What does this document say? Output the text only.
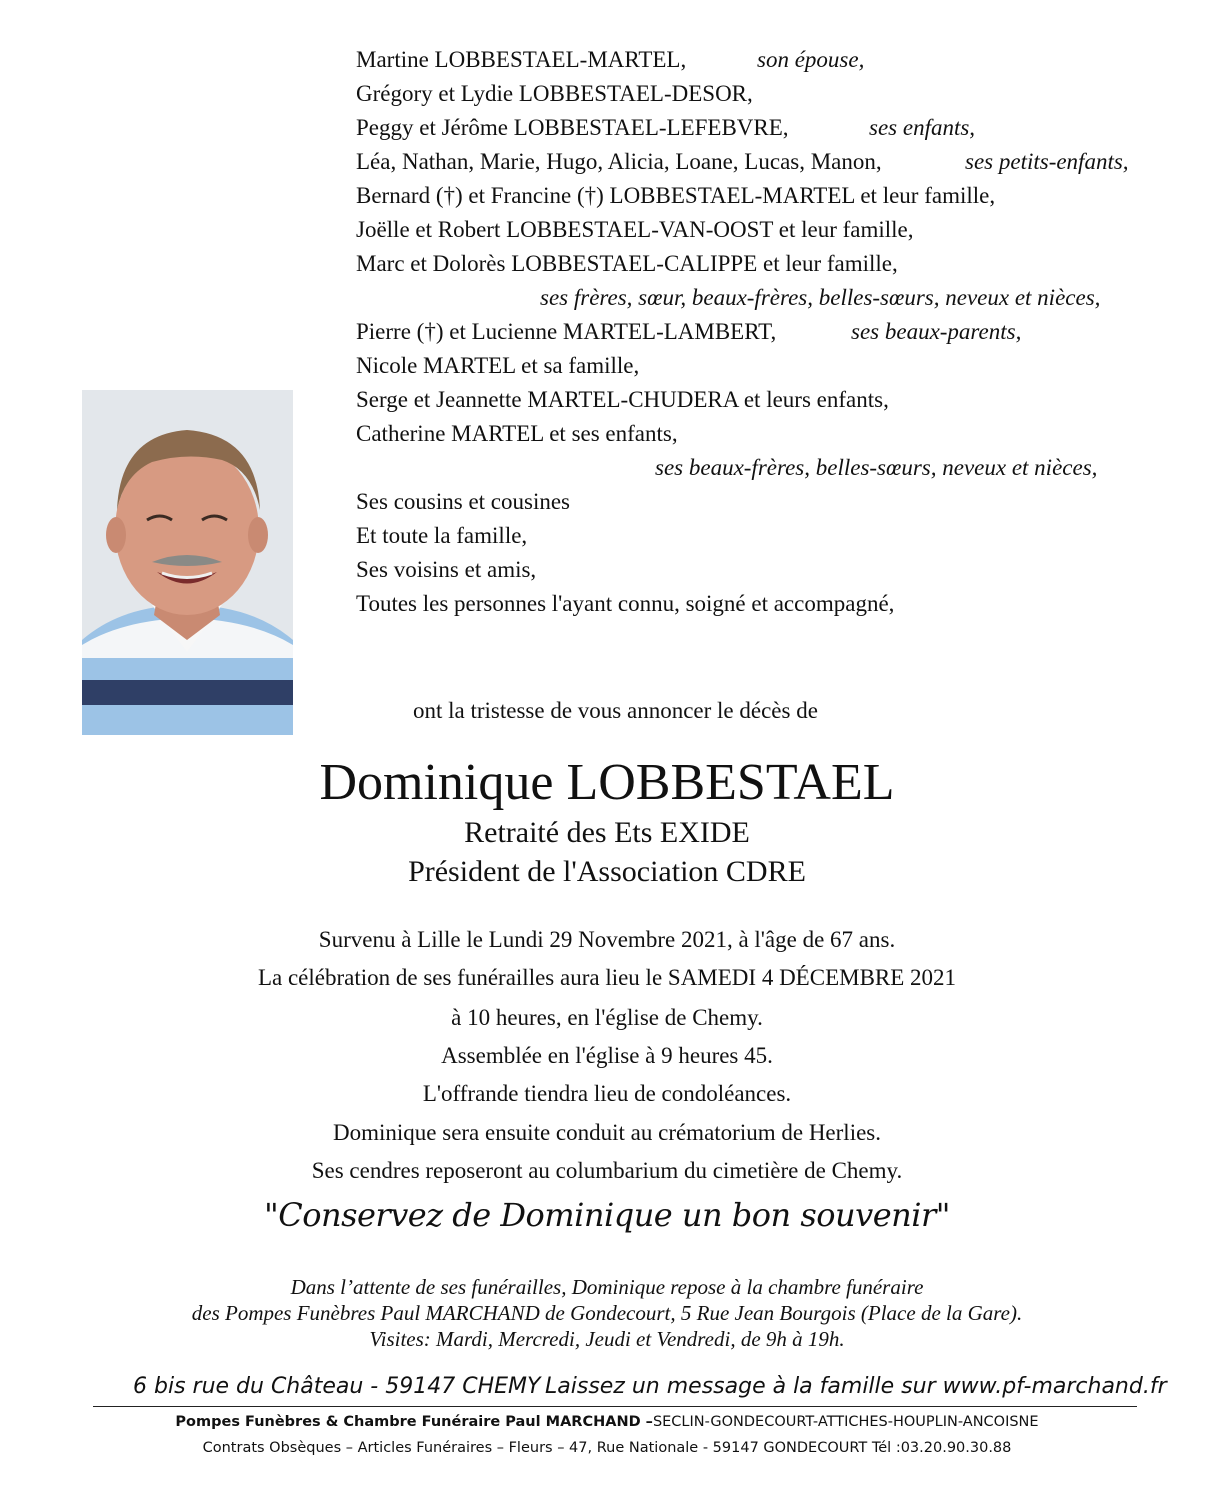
Martine LOBBESTAEL-MARTEL,	son épouse,
Grégory et Lydie LOBBESTAEL-DESOR,
Peggy et Jérôme LOBBESTAEL-LEFEBVRE,	ses enfants,
Léa, Nathan, Marie, Hugo, Alicia, Loane, Lucas, Manon,	ses petits-enfants,
Bernard (†) et Francine (†) LOBBESTAEL-MARTEL et leur famille,
Joëlle et Robert LOBBESTAEL-VAN-OOST et leur famille,
Marc et Dolorès LOBBESTAEL-CALIPPE et leur famille,
ses frères, sœur, beaux-frères, belles-sœurs, neveux et nièces,
Pierre (†) et Lucienne MARTEL-LAMBERT,	ses beaux-parents,
Nicole MARTEL et sa famille,
Serge et Jeannette MARTEL-CHUDERA et leurs enfants,
Catherine MARTEL et ses enfants,
ses beaux-frères, belles-sœurs, neveux et nièces,
Ses cousins et cousines
Et toute la famille,
Ses voisins et amis,
Toutes les personnes l'ayant connu, soigné et accompagné,
ont la tristesse de vous annoncer le décès de
Dominique LOBBESTAEL
Retraité des Ets EXIDE
Président de l'Association CDRE
Survenu à Lille le Lundi 29 Novembre 2021, à l'âge de 67 ans.
La célébration de ses funérailles aura lieu le SAMEDI 4 DÉCEMBRE 2021
à 10 heures, en l'église de Chemy.
Assemblée en l'église à 9 heures 45.
L'offrande tiendra lieu de condoléances.
Dominique sera ensuite conduit au crématorium de Herlies.
Ses cendres reposeront au columbarium du cimetière de Chemy.
"Conservez de Dominique un bon souvenir"
Dans l’attente de ses funérailles, Dominique repose à la chambre funéraire
des Pompes Funèbres Paul MARCHAND de Gondecourt, 5 Rue Jean Bourgois (Place de la Gare).
Visites: Mardi, Mercredi, Jeudi et Vendredi, de 9h à 19h.
6 bis rue du Château - 59147 CHEMY Laissez un message à la famille sur www.pf-marchand.fr
Pompes Funèbres & Chambre Funéraire Paul MARCHAND –SECLIN-GONDECOURT-ATTICHES-HOUPLIN-ANCOISNE
Contrats Obsèques – Articles Funéraires – Fleurs – 47, Rue Nationale - 59147 GONDECOURT Tél :03.20.90.30.88
